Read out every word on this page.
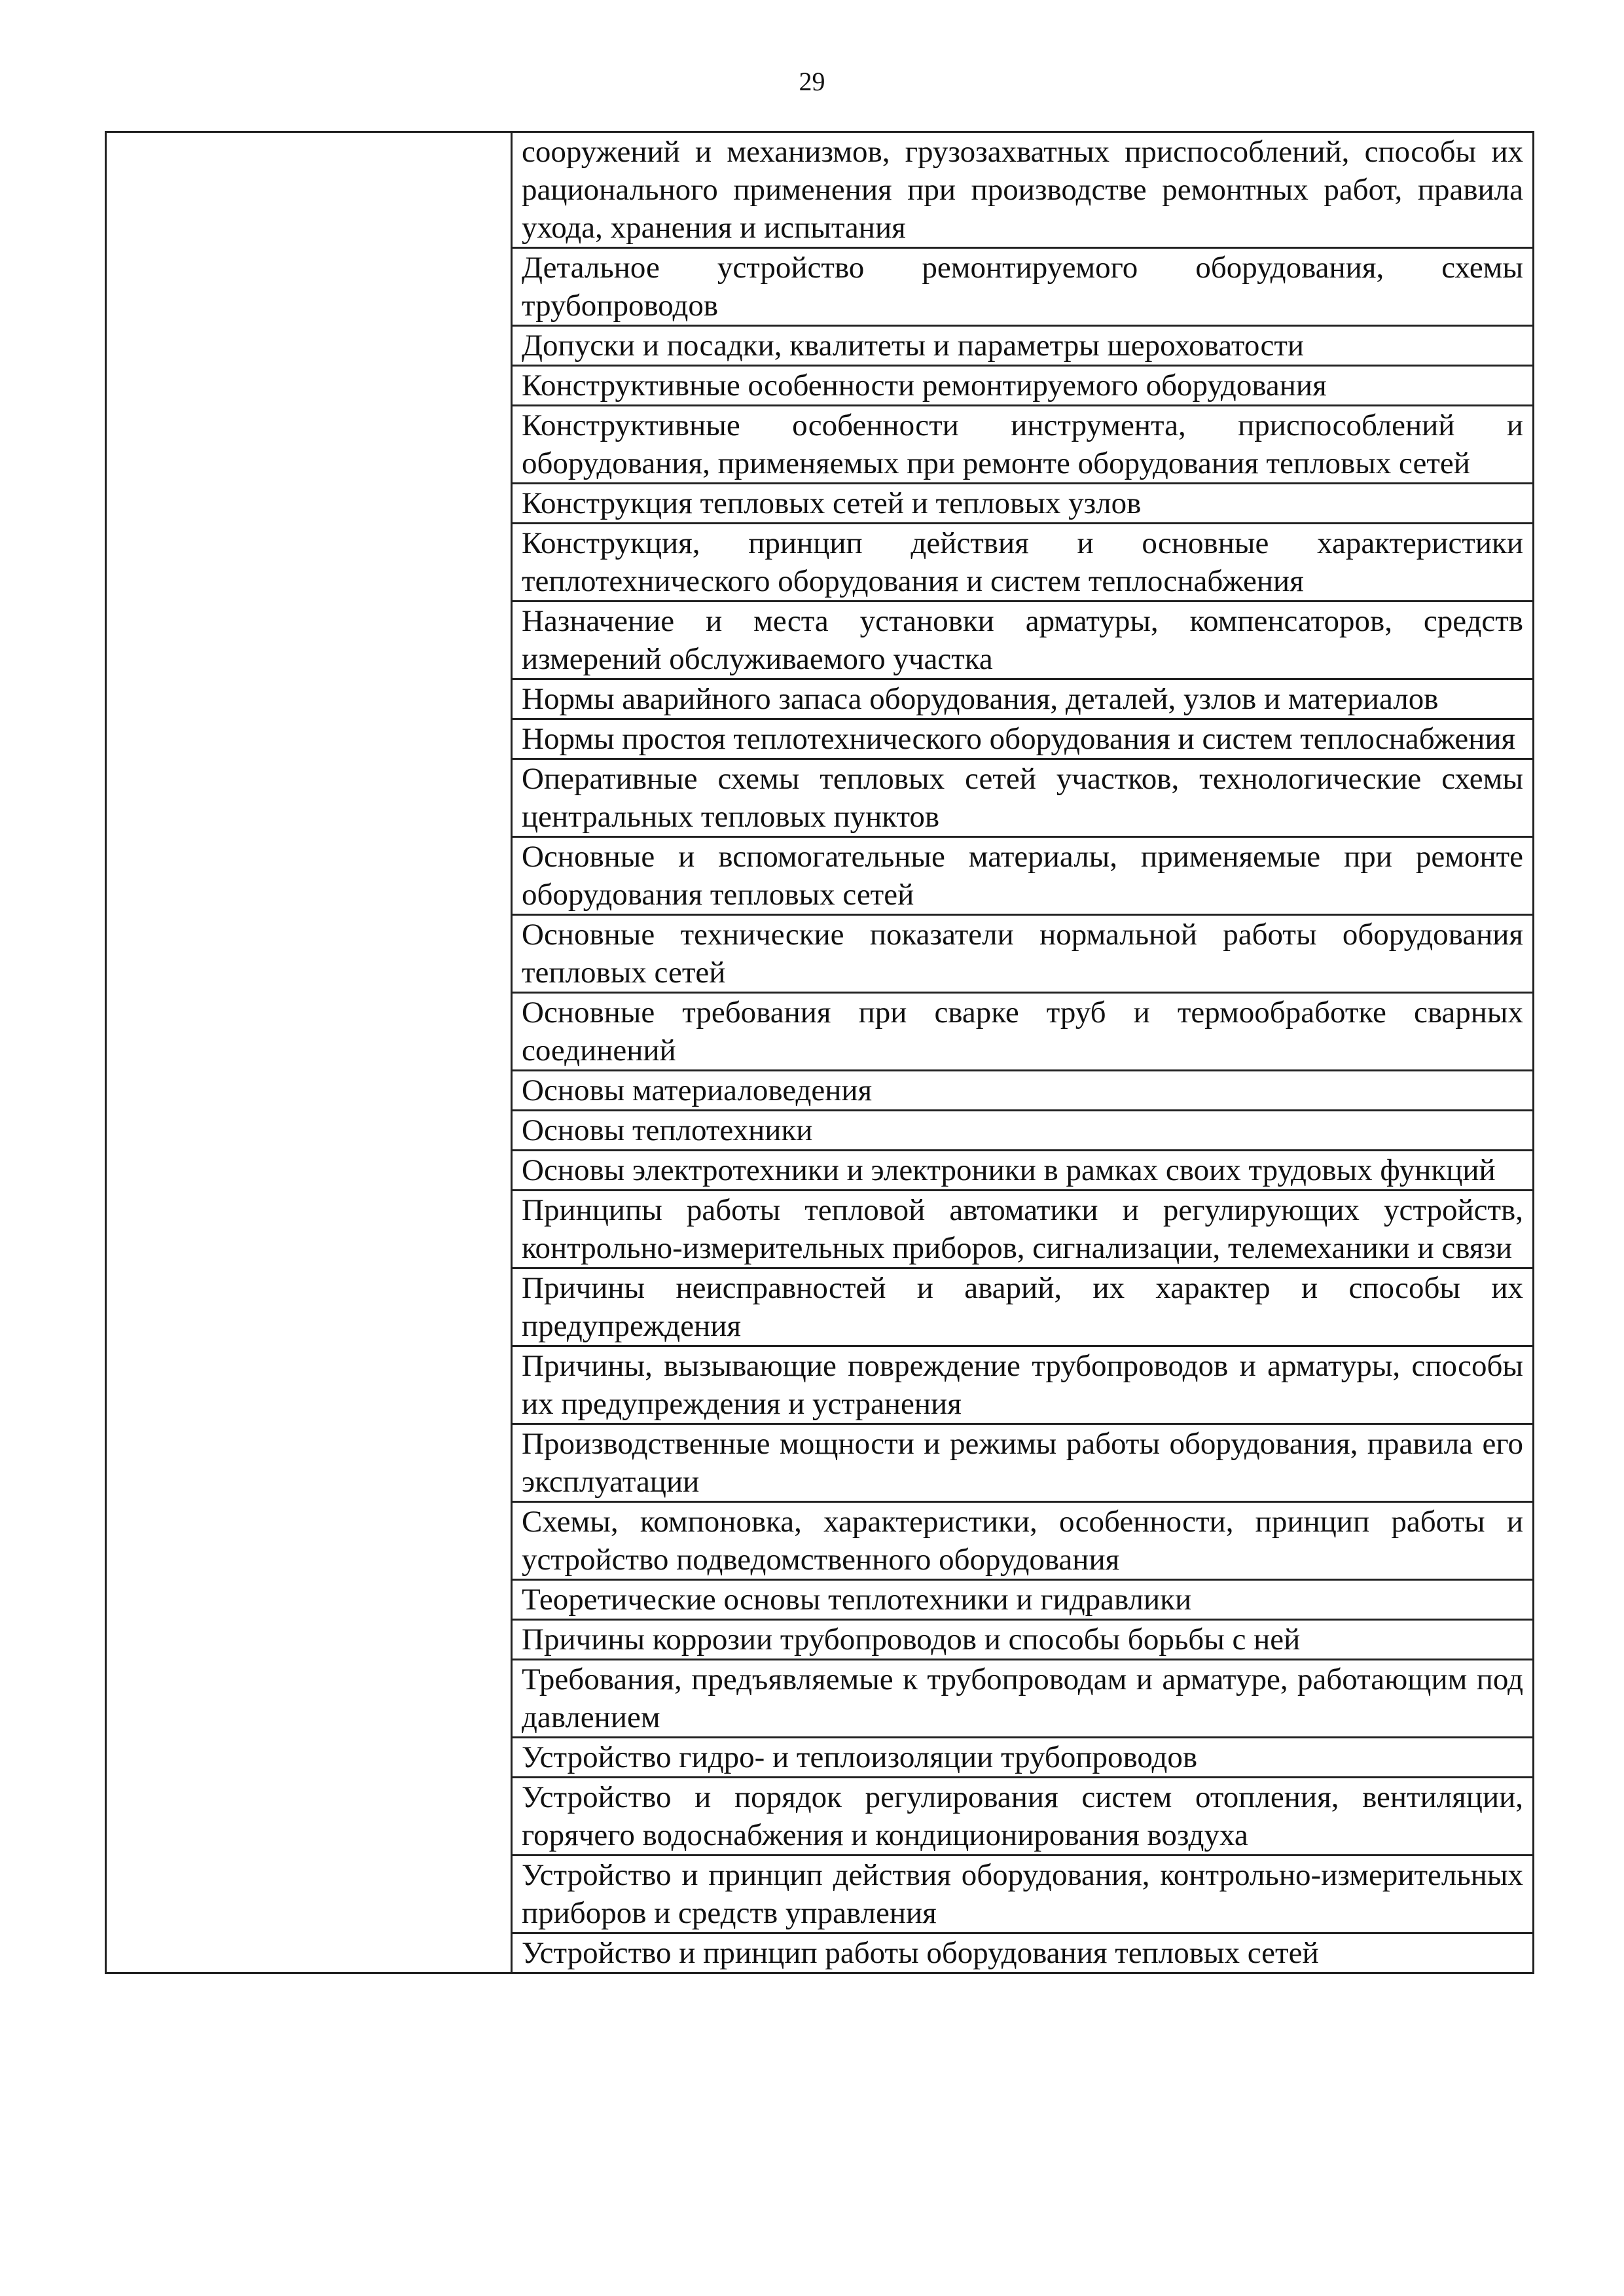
29
	сооружений и механизмов, грузозахватных приспособлений, способы их рационального применения при производстве ремонтных работ, правила ухода, хранения и испытания
Детальное устройство ремонтируемого оборудования, схемы трубопроводов
Допуски и посадки, квалитеты и параметры шероховатости
Конструктивные особенности ремонтируемого оборудования
Конструктивные особенности инструмента, приспособлений и оборудования, применяемых при ремонте оборудования тепловых сетей
Конструкция тепловых сетей и тепловых узлов
Конструкция, принцип действия и основные характеристики теплотехнического оборудования и систем теплоснабжения
Назначение и места установки арматуры, компенсаторов, средств измерений обслуживаемого участка
Нормы аварийного запаса оборудования, деталей, узлов и материалов
Нормы простоя теплотехнического оборудования и систем теплоснабжения
Оперативные схемы тепловых сетей участков, технологические схемы центральных тепловых пунктов
Основные и вспомогательные материалы, применяемые при ремонте оборудования тепловых сетей
Основные технические показатели нормальной работы оборудования тепловых сетей
Основные требования при сварке труб и термообработке сварных соединений
Основы материаловедения
Основы теплотехники
Основы электротехники и электроники в рамках своих трудовых функций
Принципы работы тепловой автоматики и регулирующих устройств, контрольно-измерительных приборов, сигнализации, телемеханики и связи
Причины неисправностей и аварий, их характер и способы их предупреждения
Причины, вызывающие повреждение трубопроводов и арматуры, способы их предупреждения и устранения
Производственные мощности и режимы работы оборудования, правила его эксплуатации
Схемы, компоновка, характеристики, особенности, принцип работы и устройство подведомственного оборудования
Теоретические основы теплотехники и гидравлики
Причины коррозии трубопроводов и способы борьбы с ней
Требования, предъявляемые к трубопроводам и арматуре, работающим под давлением
Устройство гидро- и теплоизоляции трубопроводов
Устройство и порядок регулирования систем отопления, вентиляции, горячего водоснабжения и кондиционирования воздуха
Устройство и принцип действия оборудования, контрольно-измерительных приборов и средств управления
Устройство и принцип работы оборудования тепловых сетей
